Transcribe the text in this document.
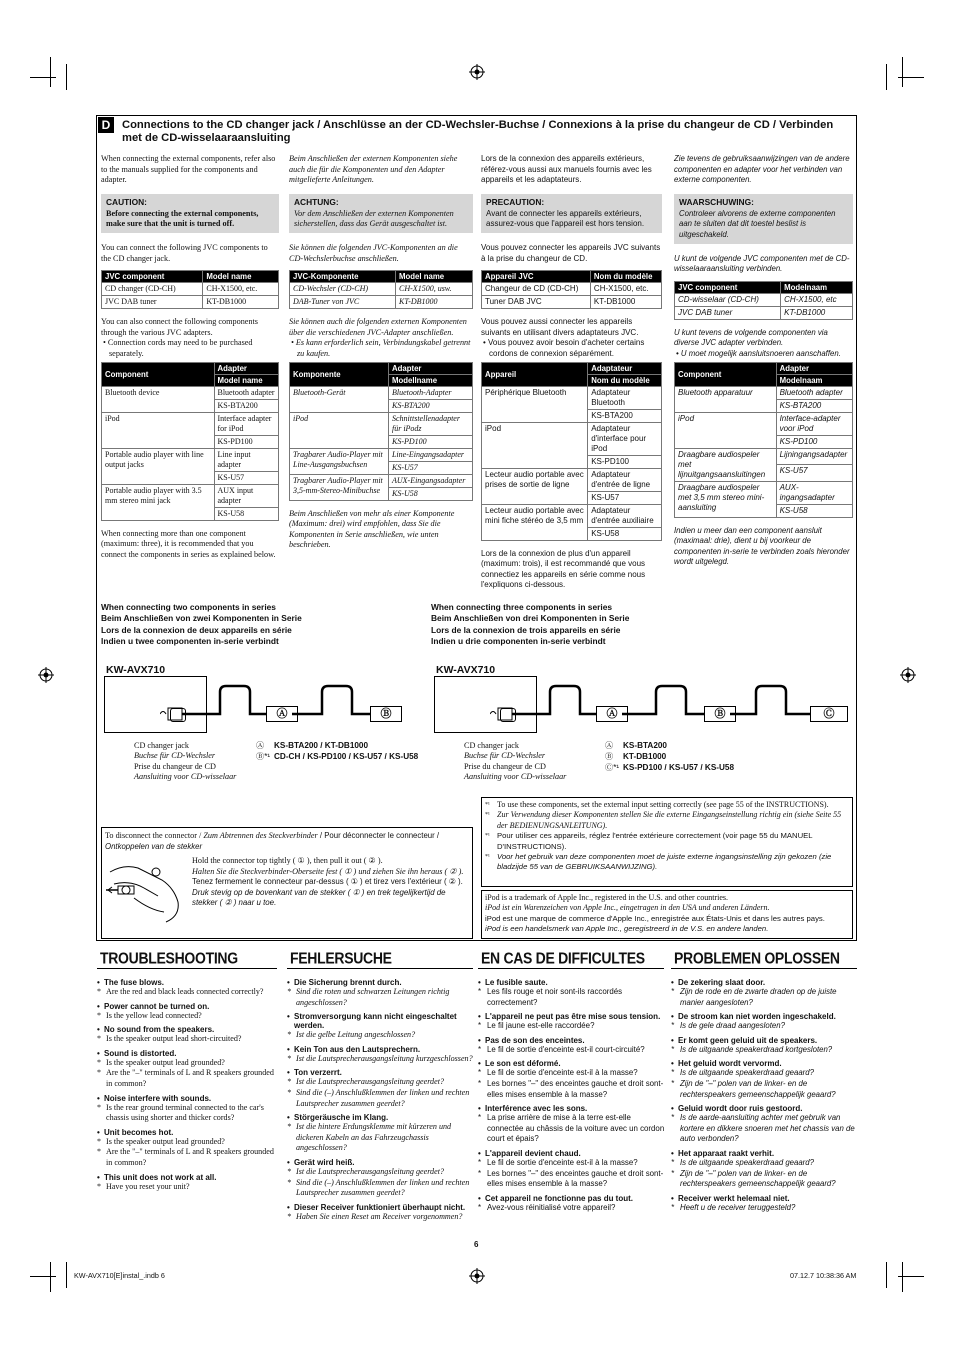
D	Connections to the CD changer jack / Anschlüsse an der CD-Wechsler-Buchse / Connexions à la prise du changeur de CD / Verbinden met de CD-wisselaaraansluiting

When connecting the external components, refer also to the manuals supplied for the components and adapter.

CAUTION:
Before connecting the external components, make sure that the unit is turned off.

You can connect the following JVC components to the CD changer jack.

JVC component	Model name
CD changer (CD-CH)	CH-X1500, etc.
JVC DAB tuner	KT-DB1000

You can also connect the following components through the various JVC adapters.

• Connection cords may need to be purchased separately.

Component	Adapter
	Model name
Bluetooth device	Bluetooth adapter
	KS-BTA200
iPod	Interface adapter for iPod
	KS-PD100
Portable audio player with line output jacks	Line input adapter
	KS-U57
Portable audio player with 3.5 mm stereo mini jack	AUX input adapter
	KS-U58

When connecting more than one component (maximum: three), it is recommended that you connect the components in series as explained below.

Beim Anschließen der externen Komponenten siehe auch die für die Komponenten und den Adapter mitgelieferte Anleitungen.

ACHTUNG:
Vor dem Anschließen der externen Komponenten sicherstellen, dass das Gerät ausgeschaltet ist.

Sie können die folgenden JVC-Komponenten an die CD-Wechslerbuchse anschließen.

JVC-Komponente	Model name
CD-Wechsler (CD-CH)	CH-X1500, usw.
DAB-Tuner von JVC	KT-DB1000

Sie können auch die folgenden externen Komponenten über die verschiedenen JVC-Adapter anschließen.

• Es kann erforderlich sein, Verbindungskabel getrennt zu kaufen.

Komponente	Adapter
	Modellname
Bluetooth-Gerät	Bluetooth-Adapter
	KS-BTA200
iPod	Schnittstellenadapter für iPodz
	KS-PD100
Tragbarer Audio-Player mit Line-Ausgangsbuchsen	Line-Eingangsadapter
	KS-U57
Tragbarer Audio-Player mit 3,5-mm-Stereo-Minibuchse	AUX-Eingangsadapter
	KS-U58

Beim Anschließen von mehr als einer Komponente (Maximum: drei) wird empfohlen, dass Sie die Komponenten in Serie anschließen, wie unten beschrieben.

Lors de la connexion des appareils extérieurs, référez-vous aussi aux manuels fournis avec les appareils et les adaptateurs.

PRECAUTION:
Avant de connecter les appareils extérieurs, assurez-vous que l'appareil est hors tension.

Vous pouvez connecter les appareils JVC suivants à la prise du changeur de CD.

Appareil JVC	Nom du modèle
Changeur de CD (CD-CH)	CH-X1500, etc.
Tuner DAB JVC	KT-DB1000

Vous pouvez aussi connecter les appareils suivants en utilisant divers adaptateurs JVC.

• Vous pouvez avoir besoin d'acheter certains cordons de connexion séparément.

Appareil	Adaptateur
	Nom du modèle
Périphérique Bluetooth	Adaptateur Bluetooth
	KS-BTA200
iPod	Adaptateur d'interface pour iPod
	KS-PD100
Lecteur audio portable avec prises de sortie de ligne	Adaptateur d'entrée de ligne
	KS-U57
Lecteur audio portable avec mini fiche stéréo de 3,5 mm	Adaptateur d'entrée auxiliaire
	KS-U58

Lors de la connexion de plus d'un appareil (maximum: trois), il est recommandé que vous connectiez les appareils en série comme nous l'expliquons ci-dessous.

Zie tevens de gebruiksaanwijzingen van de andere componenten en adapter voor het verbinden van externe componenten.

WAARSCHUWING:
Controleer alvorens de externe componenten aan te sluiten dat dit toestel beslist is uitgeschakeld.

U kunt de volgende JVC componenten met de CD-wisselaaraansluiting verbinden.

JVC component	Modelnaam
CD-wisselaar (CD-CH)	CH-X1500, etc
JVC DAB tuner	KT-DB1000

U kunt tevens de volgende componenten via diverse JVC adapter verbinden.

• U moet mogelijk aansluitsnoeren aanschaffen.

Component	Adapter
	Modelnaam
Bluetooth apparatuur	Bluetooth adapter
	KS-BTA200
iPod	Interface-adapter voor iPod
	KS-PD100
Draagbare audiospeler met lijnuitgangsaansluitingen	Lijningangsadapter
	KS-U57
Draagbare audiospeler met 3,5 mm stereo mini-aansluiting	AUX-ingangsadapter
	KS-U58

Indien u meer dan een component aansluit (maximaal: drie), dient u bij voorkeur de componenten in-serie te verbinden zoals hieronder wordt uitgelegd.

When connecting two components in series
Beim Anschließen von zwei Komponenten in Serie
Lors de la connexion de deux appareils en série
Indien u twee componenten in-serie verbindt
When connecting three components in series
Beim Anschließen von drei Komponenten in Serie
Lors de la connexion de trois appareils en série
Indien u drie componenten in-serie verbindt
KW-AVX710
Ⓐ	Ⓑ
CD changer jack
Buchse für CD-Wechsler
Prise du changeur de CD
Aansluiting voor CD-wisselaar
Ⓐ KS-BTA200 / KT-DB1000
Ⓑ*¹ CD-CH / KS-PD100 / KS-U57 / KS-U58
KW-AVX710
Ⓐ	Ⓑ	Ⓒ
CD changer jack
Buchse für CD-Wechsler
Prise du changeur de CD
Aansluiting voor CD-wisselaar
Ⓐ KS-BTA200
Ⓑ KT-DB1000
Ⓒ*¹ KS-PD100 / KS-U57 / KS-U58
To disconnect the connector / Zum Abtrennen des Steckverbinder / Pour déconnecter le connecteur / Ontkoppelen van de stekker
Hold the connector top tightly ( ① ), then pull it out ( ② ).
Halten Sie die Steckverbinder-Oberseite fest ( ① ) und ziehen Sie ihn heraus ( ② ).
Tenez fermement le connecteur par-dessus ( ① ) et tirez vers l'extérieur ( ② ).
Druk stevig op de bovenkant van de stekker ( ① ) en trek tegelijkertijd de stekker ( ② ) naar u toe.
*¹ To use these components, set the external input setting correctly (see page 55 of the INSTRUCTIONS).
*¹ Zur Verwendung dieser Komponenten stellen Sie die externe Eingangseinstellung richtig ein (siehe Seite 55 der BEDIENUNGSANLEITUNG).
*¹ Pour utiliser ces appareils, réglez l'entrée extérieure correctement (voir page 55 du MANUEL D'INSTRUCTIONS).
*¹ Voor het gebruik van deze componenten moet de juiste externe ingangsinstelling zijn gekozen (zie bladzijde 55 van de GEBRUIKSAANWIJZING).
iPod is a trademark of Apple Inc., registered in the U.S. and other countries.
iPod ist ein Warenzeichen von Apple Inc., eingetragen in den USA und anderen Ländern.
iPod est une marque de commerce d'Apple Inc., enregistrée aux États-Unis et dans les autres pays.
iPod is een handelsmerk van Apple Inc., geregistreerd in de V.S. en andere landen.
TROUBLESHOOTING	FEHLERSUCHE	EN CAS DE DIFFICULTES PROBLEMEN OPLOSSEN
• The fuse blows.
* Are the red and black leads connected correctly?
• Power cannot be turned on.
* Is the yellow lead connected?
• No sound from the speakers.
* Is the speaker output lead short-circuited?
• Sound is distorted.
* Is the speaker output lead grounded?
* Are the "–" terminals of L and R speakers grounded in common?
• Noise interfere with sounds.
* Is the rear ground terminal connected to the car's chassis using shorter and thicker cords?
• Unit becomes hot.
* Is the speaker output lead grounded?
* Are the "–" terminals of L and R speakers grounded in common?
• This unit does not work at all.
* Have you reset your unit?
• Die Sicherung brennt durch.
* Sind die roten und schwarzen Leitungen richtig angeschlossen?
• Stromversorgung kann nicht eingeschaltet werden.
* Ist die gelbe Leitung angeschlossen?
• Kein Ton aus den Lautsprechern.
* Ist die Lautsprecherausgangsleitung kurzgeschlossen?
• Ton verzerrt.
* Ist die Lautsprecherausgangsleitung geerdet?
* Sind die (–) Anschlußklemmen der linken und rechten Lautsprecher zusammen geerdet?
• Störgeräusche im Klang.
* Ist die hintere Erdungsklemme mit kürzeren und dickeren Kabeln an das Fahrzeugchassis angeschlossen?
• Gerät wird heiß.
* Ist die Lautsprecherausgangsleitung geerdet?
* Sind die (–) Anschlußklemmen der linken und rechten Lautsprecher zusammen geerdet?
• Dieser Receiver funktioniert überhaupt nicht.
* Haben Sie einen Reset am Receiver vorgenommen?
• Le fusible saute.
* Les fils rouge et noir sont-ils raccordés correctement?
• L'appareil ne peut pas être mise sous tension.
* Le fil jaune est-elle raccordée?
• Pas de son des enceintes.
* Le fil de sortie d'enceinte est-il court-circuité?
• Le son est déformé.
* Le fil de sortie d'enceinte est-il à la masse?
* Les bornes "–" des enceintes gauche et droit sont-elles mises ensemble à la masse?
• Interférence avec les sons.
* La prise arrière de mise à la terre est-elle connectée au châssis de la voiture avec un cordon court et épais?
• L'appareil devient chaud.
* Le fil de sortie d'enceinte est-il à la masse?
* Les bornes "–" des enceintes gauche et droit sont-elles mises ensemble à la masse?
• Cet appareil ne fonctionne pas du tout.
* Avez-vous réinitialisé votre appareil?
• De zekering slaat door.
* Zijn de rode en de zwarte draden op de juiste manier aangesloten?
• De stroom kan niet worden ingeschakeld.
* Is de gele draad aangesloten?
• Er komt geen geluid uit de speakers.
* Is de uitgaande speakerdraad kortgesloten?
• Het geluid wordt vervormd.
* Is de uitgaande speakerdraad geaard?
* Zijn de "–" polen van de linker- en de rechterspeakers gemeenschappelijk geaard?
• Geluid wordt door ruis gestoord.
* Is de aarde-aansluiting achter met gebruik van kortere en dikkere snoeren met het chassis van de auto verbonden?
• Het apparaat raakt verhit.
* Is de uitgaande speakerdraad geaard?
* Zijn de "–" polen van de linker- en de rechterspeakers gemeenschappelijk geaard?
• Receiver werkt helemaal niet.
* Heeft u de receiver teruggesteld?
6
KW-AVX710[E]instal_.indb 6	07.12.7 10:38:36 AM
